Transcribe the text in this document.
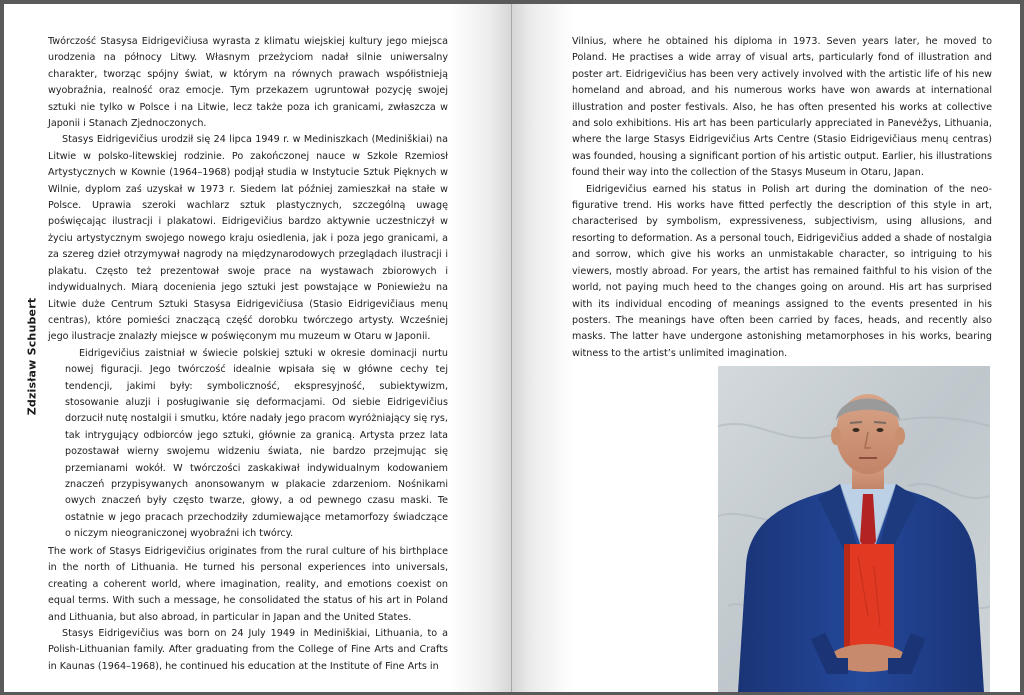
Zdzisław Schubert

Twórczość Stasysa Eidrigevičiusa wyrasta z klimatu wiejskiej kultury jego miejsca urodzenia na północy Litwy. Własnym przeżyciom nadał silnie uniwersalny charakter, tworząc spójny świat, w którym na równych prawach współistnieją wyobraźnia, realność oraz emocje. Tym przekazem ugruntował pozycję swojej sztuki nie tylko w Polsce i na Litwie, lecz także poza ich granicami, zwłaszcza w Japonii i Stanach Zjednoczonych.

Stasys Eidrigevičius urodził się 24 lipca 1949 r. w Mediniszkach (Mediniškiai) na Litwie w polsko-litewskiej rodzinie. Po zakończonej nauce w Szkole Rzemiosł Artystycznych w Kownie (1964–1968) podjął studia w Instytucie Sztuk Pięknych w Wilnie, dyplom zaś uzyskał w 1973 r. Siedem lat później zamieszkał na stałe w Polsce. Uprawia szeroki wachlarz sztuk plastycznych, szczególną uwagę poświęcając ilustracji i plakatowi. Eidrigevičius bardzo aktywnie uczestniczył w życiu artystycznym swojego nowego kraju osiedlenia, jak i poza jego granicami, a za szereg dzieł otrzymywał nagrody na międzynarodowych przeglądach ilustracji i plakatu. Często też prezentował swoje prace na wystawach zbiorowych i indywidualnych. Miarą docenienia jego sztuki jest powstające w Poniewieżu na Litwie duże Centrum Sztuki Stasysa Eidrigevičiusa (Stasio Eidrigevičiaus menų centras), które pomieści znaczącą część dorobku twórczego artysty. Wcześniej jego ilustracje znalazły miejsce w poświęconym mu muzeum w Otaru w Japonii.

Eidrigevičius zaistniał w świecie polskiej sztuki w okresie dominacji nurtu nowej figuracji. Jego twórczość idealnie wpisała się w główne cechy tej tendencji, jakimi były: symboliczność, ekspresyjność, subiektywizm, stosowanie aluzji i posługiwanie się deformacjami. Od siebie Eidrigevičius dorzucił nutę nostalgii i smutku, które nadały jego pracom wyróżniający się rys, tak intrygujący odbiorców jego sztuki, głównie za granicą. Artysta przez lata pozostawał wierny swojemu widzeniu świata, nie bardzo przejmując się przemianami wokół. W twórczości zaskakiwał indywidualnym kodowaniem znaczeń przypisywanych anonsowanym w plakacie zdarzeniom. Nośnikami owych znaczeń były często twarze, głowy, a od pewnego czasu maski. Te ostatnie w jego pracach przechodziły zdumiewające metamorfozy świadczące o niczym nieograniczonej wyobraźni ich twórcy.

The work of Stasys Eidrigevičius originates from the rural culture of his birthplace in the north of Lithuania. He turned his personal experiences into universals, creating a coherent world, where imagination, reality, and emotions coexist on equal terms. With such a message, he consolidated the status of his art in Poland and Lithuania, but also abroad, in particular in Japan and the United States.

Stasys Eidrigevičius was born on 24 July 1949 in Mediniškiai, Lithuania, to a Polish-Lithuanian family. After graduating from the College of Fine Arts and Crafts in Kaunas (1964–1968), he continued his education at the Institute of Fine Arts in

Vilnius, where he obtained his diploma in 1973. Seven years later, he moved to Poland. He practises a wide array of visual arts, particularly fond of illustration and poster art. Eidrigevičius has been very actively involved with the artistic life of his new homeland and abroad, and his numerous works have won awards at international illustration and poster festivals. Also, he has often presented his works at collective and solo exhibitions. His art has been particularly appreciated in Panevėžys, Lithuania, where the large Stasys Eidrigevičius Arts Centre (Stasio Eidrigevičiaus menų centras) was founded, housing a significant portion of his artistic output. Earlier, his illustrations found their way into the collection of the Stasys Museum in Otaru, Japan.

Eidrigevičius earned his status in Polish art during the domination of the neo-figurative trend. His works have fitted perfectly the description of this style in art, characterised by symbolism, expressiveness, subjectivism, using allusions, and resorting to deformation. As a personal touch, Eidrigevičius added a shade of nostalgia and sorrow, which give his works an unmistakable character, so intriguing to his viewers, mostly abroad. For years, the artist has remained faithful to his vision of the world, not paying much heed to the changes going on around. His art has surprised with its individual encoding of meanings assigned to the events presented in his posters. The meanings have often been carried by faces, heads, and recently also masks. The latter have undergone astonishing metamorphoses in his works, bearing witness to the artist’s unlimited imagination.
